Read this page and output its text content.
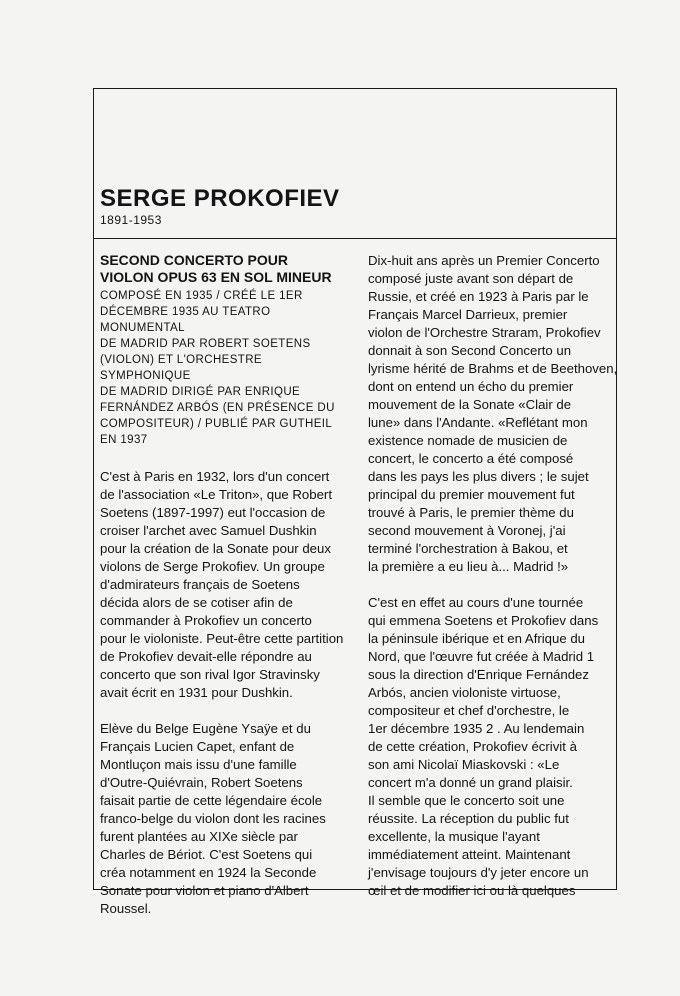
SERGE PROKOFIEV
1891-1953
SECOND CONCERTO POUR
VIOLON OPUS 63 EN SOL MINEUR
COMPOSÉ EN 1935 / CRÉÉ LE 1ER
DÉCEMBRE 1935 AU TEATRO MONUMENTAL
DE MADRID PAR ROBERT SOETENS
(VIOLON) ET L'ORCHESTRE SYMPHONIQUE
DE MADRID DIRIGÉ PAR ENRIQUE
FERNÁNDEZ ARBÓS (EN PRÉSENCE DU
COMPOSITEUR) / PUBLIÉ PAR GUTHEIL
EN 1937
C'est à Paris en 1932, lors d'un concert
de l'association «Le Triton», que Robert
Soetens (1897-1997) eut l'occasion de
croiser l'archet avec Samuel Dushkin
pour la création de la Sonate pour deux
violons de Serge Prokofiev. Un groupe
d'admirateurs français de Soetens
décida alors de se cotiser afin de
commander à Prokofiev un concerto
pour le violoniste. Peut-être cette partition
de Prokofiev devait-elle répondre au
concerto que son rival Igor Stravinsky
avait écrit en 1931 pour Dushkin.
Elève du Belge Eugène Ysaÿe et du
Français Lucien Capet, enfant de
Montluçon mais issu d'une famille
d'Outre-Quiévrain, Robert Soetens
faisait partie de cette légendaire école
franco-belge du violon dont les racines
furent plantées au XIXe siècle par
Charles de Bériot. C'est Soetens qui
créa notamment en 1924 la Seconde
Sonate pour violon et piano d'Albert
Roussel.
Dix-huit ans après un Premier Concerto
composé juste avant son départ de
Russie, et créé en 1923 à Paris par le
Français Marcel Darrieux, premier
violon de l'Orchestre Straram, Prokofiev
donnait à son Second Concerto un
lyrisme hérité de Brahms et de Beethoven,
dont on entend un écho du premier
mouvement de la Sonate «Clair de
lune» dans l'Andante. «Reflétant mon
existence nomade de musicien de
concert, le concerto a été composé
dans les pays les plus divers ; le sujet
principal du premier mouvement fut
trouvé à Paris, le premier thème du
second mouvement à Voronej, j'ai
terminé l'orchestration à Bakou, et
la première a eu lieu à... Madrid !»
C'est en effet au cours d'une tournée
qui emmena Soetens et Prokofiev dans
la péninsule ibérique et en Afrique du
Nord, que l'œuvre fut créée à Madrid 1
sous la direction d'Enrique Fernández
Arbós, ancien violoniste virtuose,
compositeur et chef d'orchestre, le
1er décembre 1935 2 . Au lendemain
de cette création, Prokofiev écrivit à
son ami Nicolaï Miaskovski : «Le
concert m'a donné un grand plaisir.
Il semble que le concerto soit une
réussite. La réception du public fut
excellente, la musique l'ayant
immédiatement atteint. Maintenant
j'envisage toujours d'y jeter encore un
œil et de modifier ici ou là quelques
